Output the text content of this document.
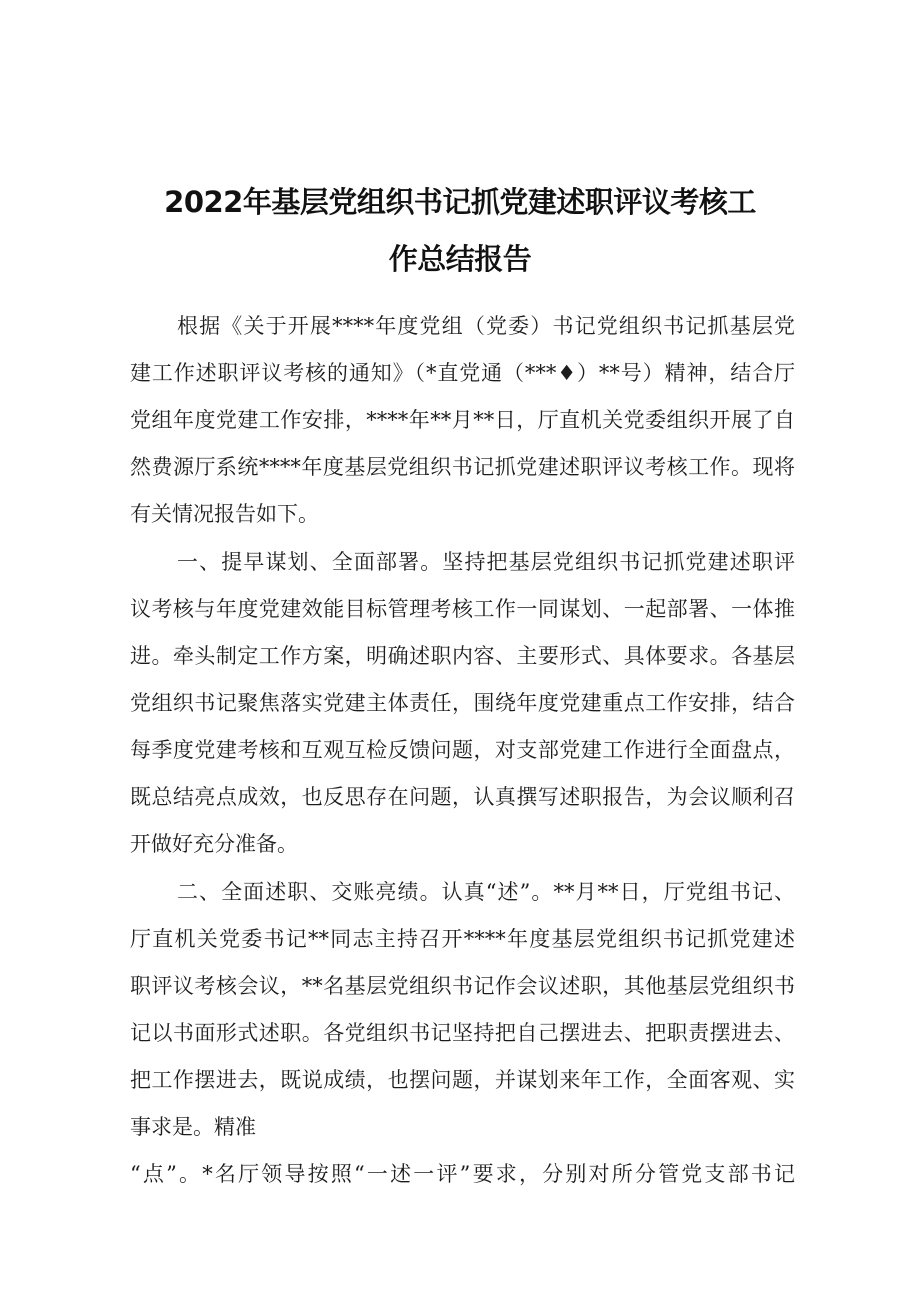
2022年基层党组织书记抓党建述职评议考核工
作总结报告

根据《关于开展****年度党组（党委）书记党组织书记抓基层党

建工作述职评议考核的通知》（*直党通（***♦）**号）精神，结合厅

党组年度党建工作安排，****年**月**日，厅直机关党委组织开展了自

然费源厅系统****年度基层党组织书记抓党建述职评议考核工作。现将

有关情况报告如下。

一、提早谋划、全面部署。坚持把基层党组织书记抓党建述职评

议考核与年度党建效能目标管理考核工作一同谋划、一起部署、一体推

进。牵头制定工作方案，明确述职内容、主要形式、具体要求。各基层

党组织书记聚焦落实党建主体责任，围绕年度党建重点工作安排，结合

每季度党建考核和互观互检反馈问题，对支部党建工作进行全面盘点，

既总结亮点成效，也反思存在问题，认真撰写述职报告，为会议顺利召

开做好充分准备。

二、全面述职、交账亮绩。认真“述”。**月**日，厅党组书记、

厅直机关党委书记**同志主持召开****年度基层党组织书记抓党建述

职评议考核会议，**名基层党组织书记作会议述职，其他基层党组织书

记以书面形式述职。各党组织书记坚持把自己摆进去、把职责摆进去、

把工作摆进去，既说成绩，也摆问题，并谋划来年工作，全面客观、实

事求是。精准

“点”。*名厅领导按照“一述一评”要求，分别对所分管党支部书记
